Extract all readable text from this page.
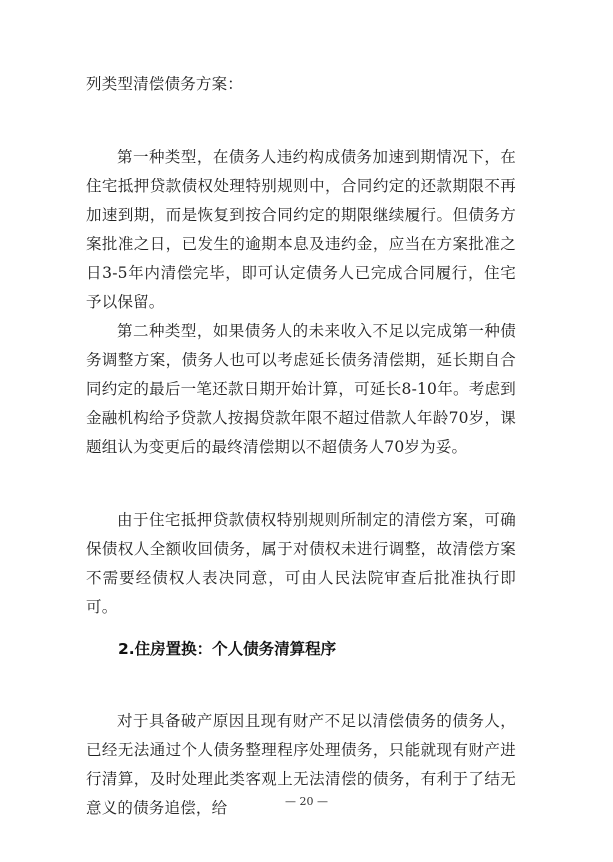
列类型清偿债务方案：

第一种类型，在债务人违约构成债务加速到期情况下，在住宅抵押贷款债权处理特别规则中，合同约定的还款期限不再加速到期，而是恢复到按合同约定的期限继续履行。但债务方案批准之日，已发生的逾期本息及违约金，应当在方案批准之日3-5年内清偿完毕，即可认定债务人已完成合同履行，住宅予以保留。

第二种类型，如果债务人的未来收入不足以完成第一种债务调整方案，债务人也可以考虑延长债务清偿期，延长期自合同约定的最后一笔还款日期开始计算，可延长8-10年。考虑到金融机构给予贷款人按揭贷款年限不超过借款人年龄70岁，课题组认为变更后的最终清偿期以不超债务人70岁为妥。

由于住宅抵押贷款债权特别规则所制定的清偿方案，可确保债权人全额收回债务，属于对债权未进行调整，故清偿方案不需要经债权人表决同意，可由人民法院审查后批准执行即可。

2.住房置换：个人债务清算程序

对于具备破产原因且现有财产不足以清偿债务的债务人，已经无法通过个人债务整理程序处理债务，只能就现有财产进行清算，及时处理此类客观上无法清偿的债务，有利于了结无意义的债务追偿，给	— 20 —
